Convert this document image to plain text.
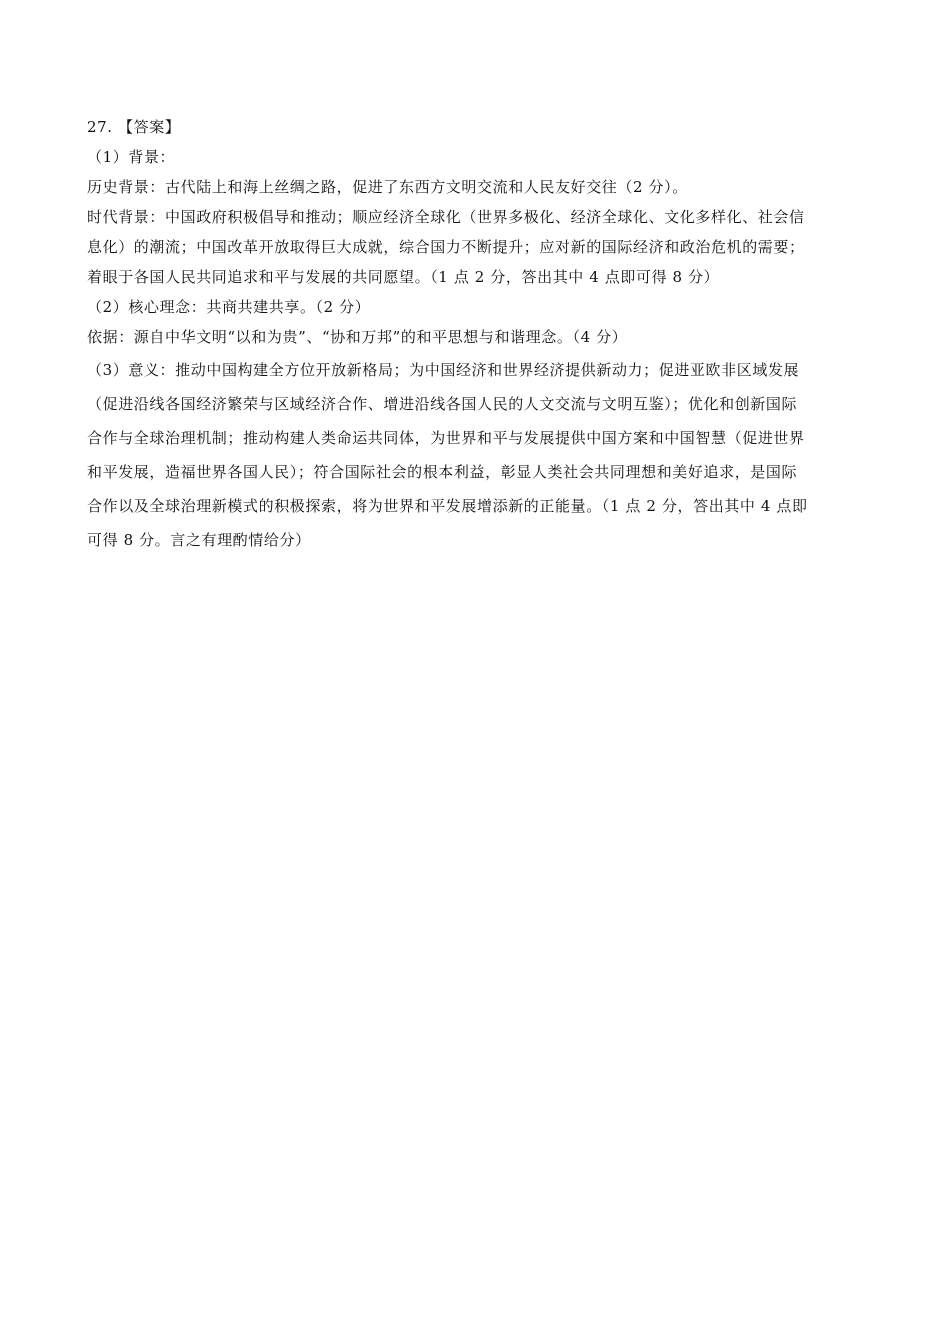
27. 【答案】
（1）背景：
历史背景：古代陆上和海上丝绸之路，促进了东西方文明交流和人民友好交往（2 分）。
时代背景：中国政府积极倡导和推动；顺应经济全球化（世界多极化、经济全球化、文化多样化、社会信
息化）的潮流；中国改革开放取得巨大成就，综合国力不断提升；应对新的国际经济和政治危机的需要；
着眼于各国人民共同追求和平与发展的共同愿望。（1 点 2 分，答出其中 4 点即可得 8 分）
（2）核心理念：共商共建共享。（2 分）
依据：源自中华文明“以和为贵”、“协和万邦”的和平思想与和谐理念。（4 分）
（3）意义：推动中国构建全方位开放新格局；为中国经济和世界经济提供新动力；促进亚欧非区域发展
（促进沿线各国经济繁荣与区域经济合作、增进沿线各国人民的人文交流与文明互鉴）；优化和创新国际
合作与全球治理机制；推动构建人类命运共同体，为世界和平与发展提供中国方案和中国智慧（促进世界
和平发展，造福世界各国人民）；符合国际社会的根本利益，彰显人类社会共同理想和美好追求，是国际
合作以及全球治理新模式的积极探索，将为世界和平发展增添新的正能量。（1 点 2 分，答出其中 4 点即
可得 8 分。言之有理酌情给分）
